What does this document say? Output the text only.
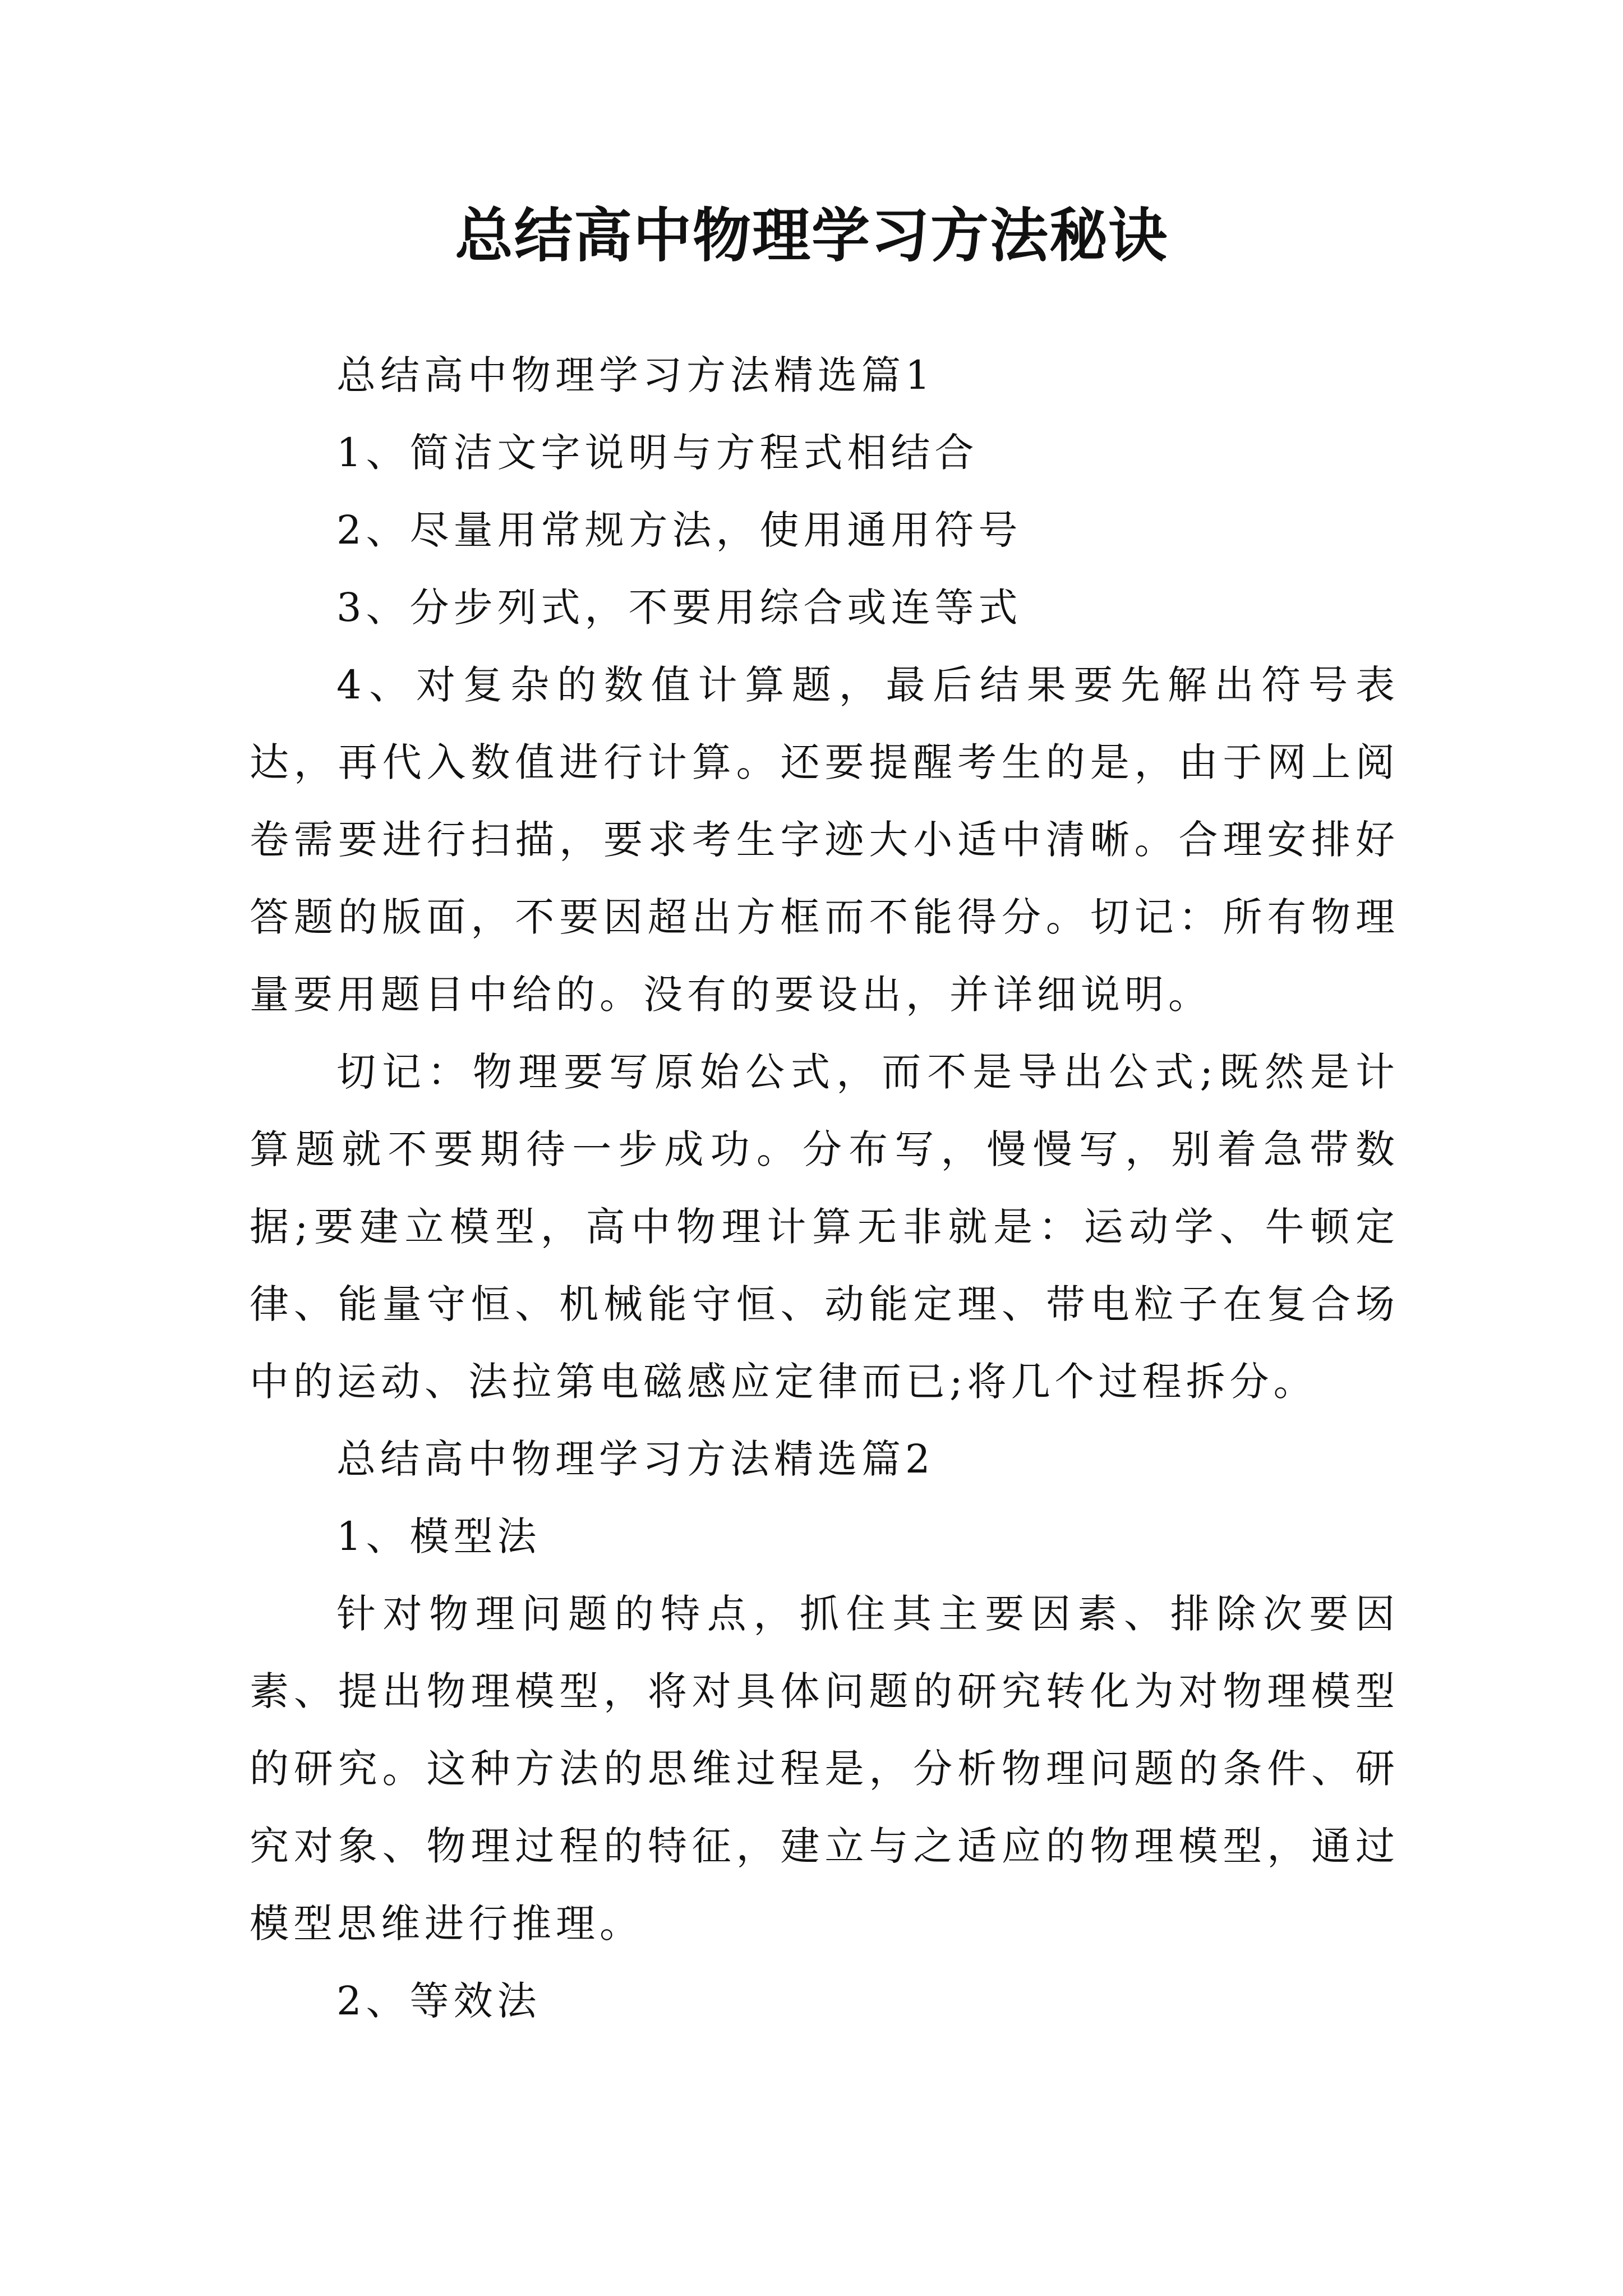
总结高中物理学习方法秘诀

总结高中物理学习方法精选篇1

1、简洁文字说明与方程式相结合

2、尽量用常规方法，使用通用符号

3、分步列式，不要用综合或连等式

4、对复杂的数值计算题，最后结果要先解出符号表达，再代入数值进行计算。还要提醒考生的是，由于网上阅卷需要进行扫描，要求考生字迹大小适中清晰。合理安排好答题的版面，不要因超出方框而不能得分。切记：所有物理量要用题目中给的。没有的要设出，并详细说明。

切记：物理要写原始公式，而不是导出公式;既然是计算题就不要期待一步成功。分布写，慢慢写，别着急带数据;要建立模型，高中物理计算无非就是：运动学、牛顿定律、能量守恒、机械能守恒、动能定理、带电粒子在复合场中的运动、法拉第电磁感应定律而已;将几个过程拆分。

总结高中物理学习方法精选篇2

1、模型法

针对物理问题的特点，抓住其主要因素、排除次要因素、提出物理模型，将对具体问题的研究转化为对物理模型的研究。这种方法的思维过程是，分析物理问题的条件、研究对象、物理过程的特征，建立与之适应的物理模型，通过模型思维进行推理。

2、等效法
